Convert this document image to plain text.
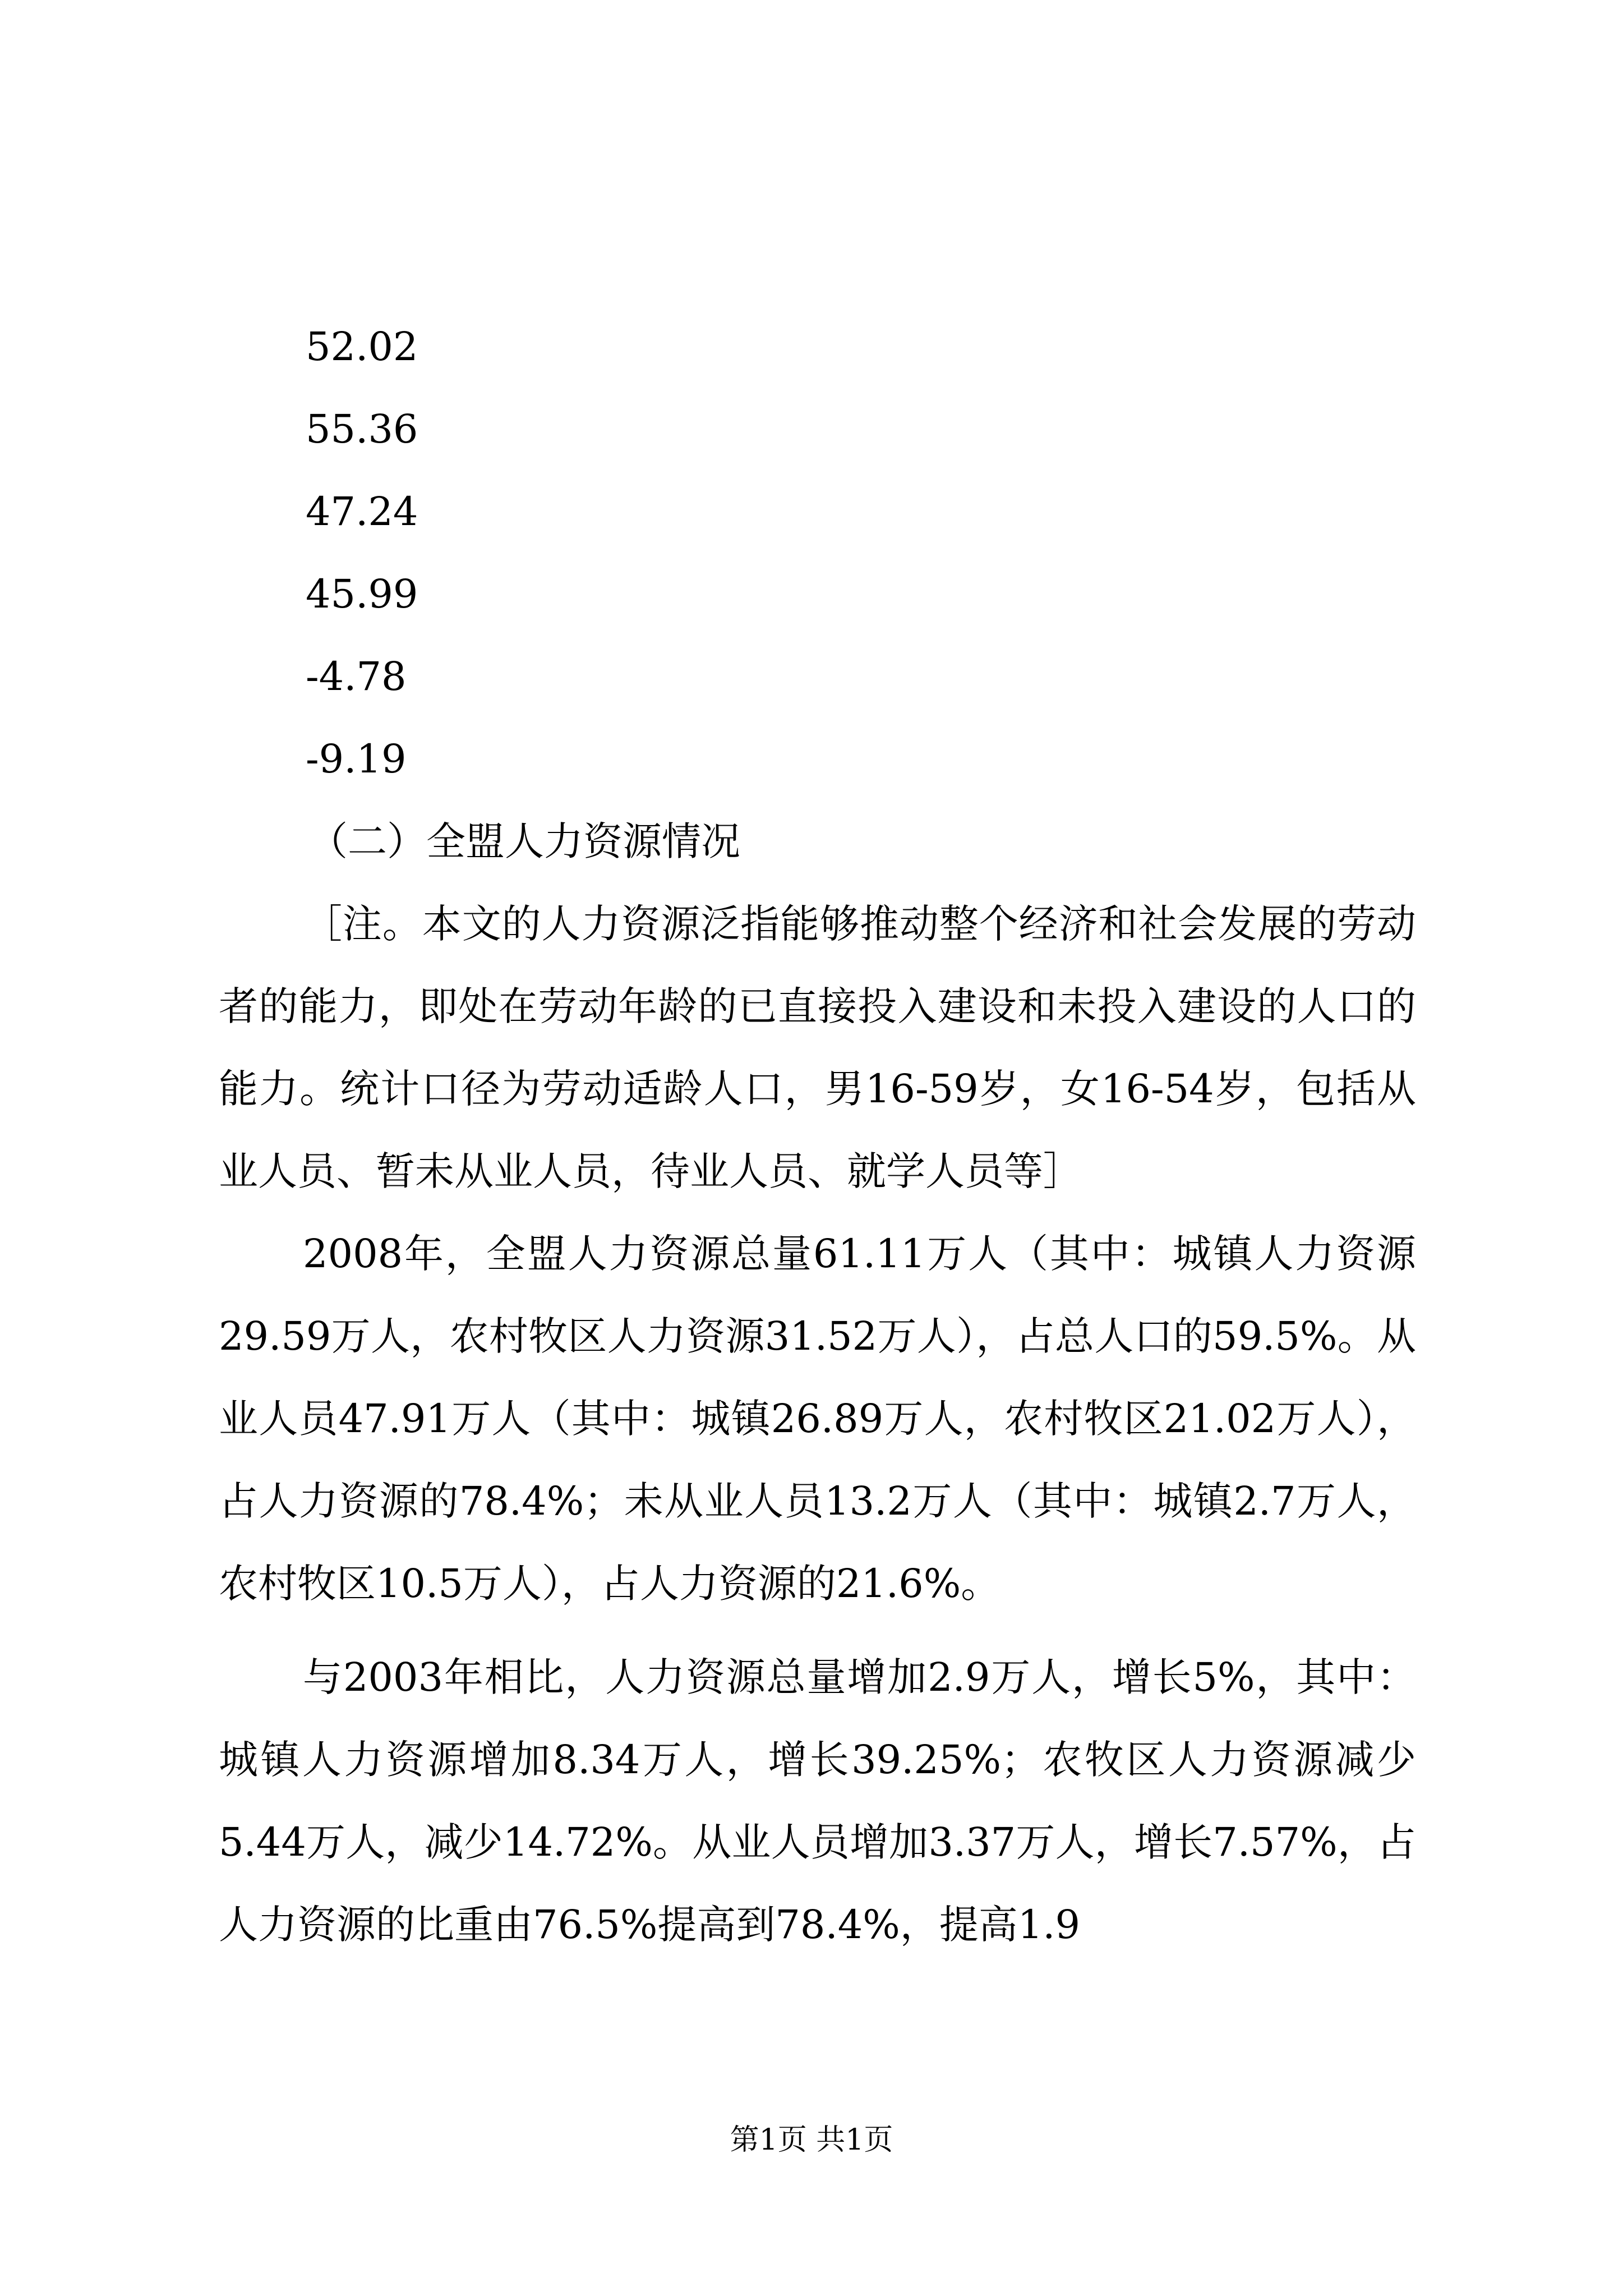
52.02
55.36
47.24
45.99
-4.78
-9.19
（二）全盟人力资源情况

［注。本文的人力资源泛指能够推动整个经济和社会发展的劳动者的能力，即处在劳动年龄的已直接投入建设和未投入建设的人口的能力。统计口径为劳动适龄人口，男16-59岁，女16-54岁，包括从业人员、暂未从业人员，待业人员、就学人员等］

2008年，全盟人力资源总量61.11万人（其中：城镇人力资源29.59万人，农村牧区人力资源31.52万人），占总人口的59.5%。从业人员47.91万人（其中：城镇26.89万人，农村牧区21.02万人），占人力资源的78.4%；未从业人员13.2万人（其中：城镇2.7万人，农村牧区10.5万人），占人力资源的21.6%。

与2003年相比，人力资源总量增加2.9万人，增长5%，其中：城镇人力资源增加8.34万人，增长39.25%；农牧区人力资源减少5.44万人，减少14.72%。从业人员增加3.37万人，增长7.57%，占人力资源的比重由76.5%提高到78.4%，提高1.9

第1页 共1页
